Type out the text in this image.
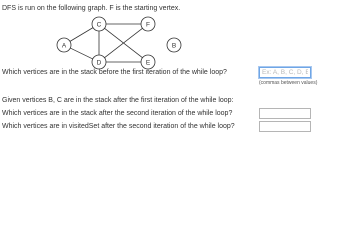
DFS is run on the following graph. F is the starting vertex.
C	F
A	B
D	E
Which vertices are in the stack before the first iteration of the while loop?
Ex: A, B, C, D, E, F
(commas between values)
Given vertices B, C are in the stack after the first iteration of the while loop:
Which vertices are in the stack after the second iteration of the while loop?
Which vertices are in visitedSet after the second iteration of the while loop?
